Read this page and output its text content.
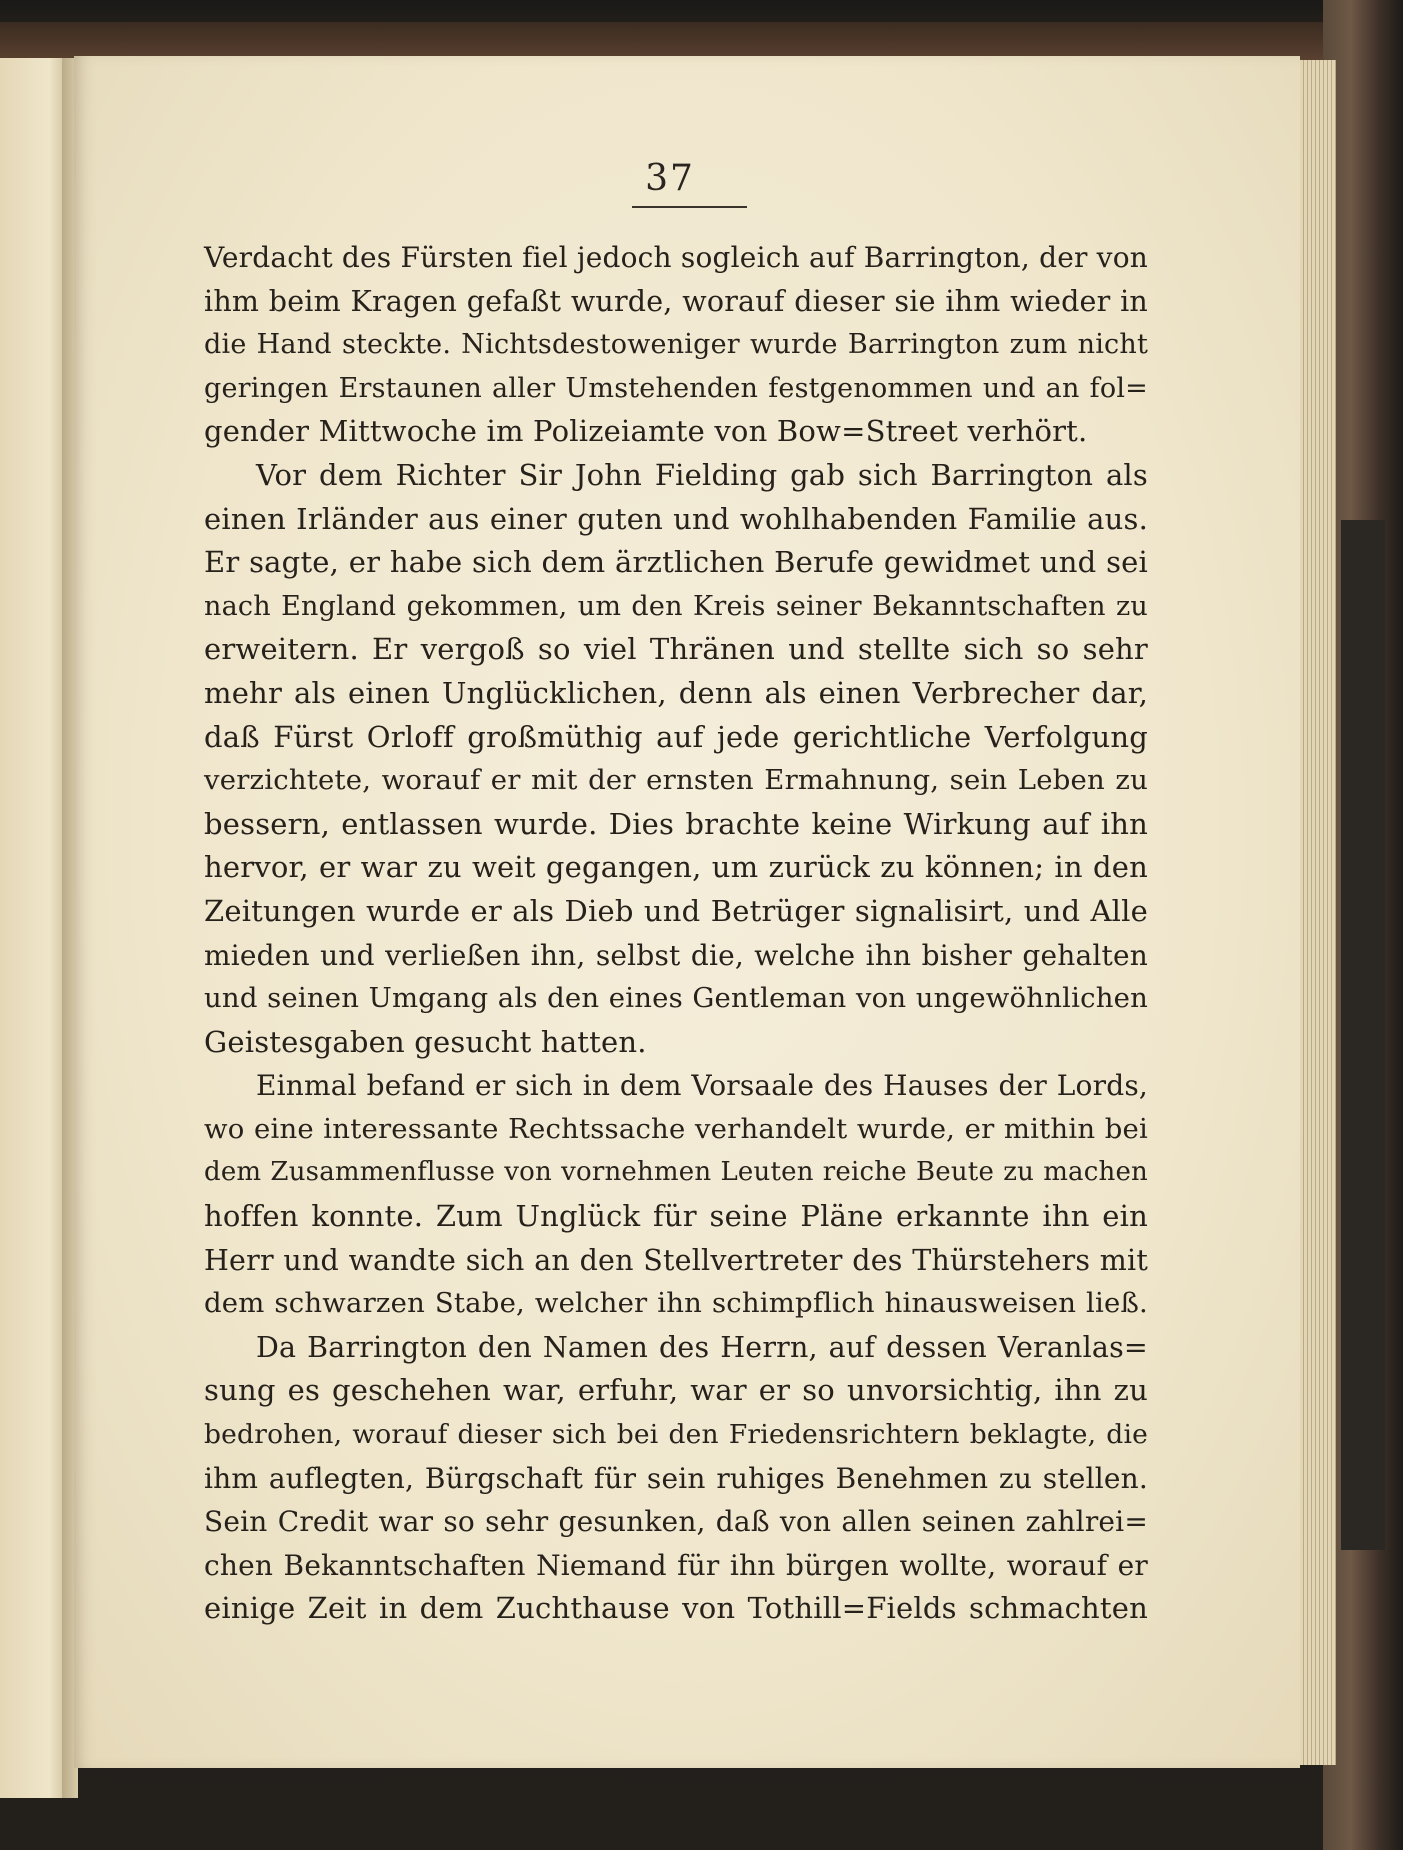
37
Verdacht des Fürsten fiel jedoch sogleich auf Barrington, der von
ihm beim Kragen gefaßt wurde, worauf dieser sie ihm wieder in
die Hand steckte. Nichtsdestoweniger wurde Barrington zum nicht
geringen Erstaunen aller Umstehenden festgenommen und an fol=
gender Mittwoche im Polizeiamte von Bow=Street verhört.
Vor dem Richter Sir John Fielding gab sich Barrington als
einen Irländer aus einer guten und wohlhabenden Familie aus.
Er sagte, er habe sich dem ärztlichen Berufe gewidmet und sei
nach England gekommen, um den Kreis seiner Bekanntschaften zu
erweitern. Er vergoß so viel Thränen und stellte sich so sehr
mehr als einen Unglücklichen, denn als einen Verbrecher dar,
daß Fürst Orloff großmüthig auf jede gerichtliche Verfolgung
verzichtete, worauf er mit der ernsten Ermahnung, sein Leben zu
bessern, entlassen wurde. Dies brachte keine Wirkung auf ihn
hervor, er war zu weit gegangen, um zurück zu können; in den
Zeitungen wurde er als Dieb und Betrüger signalisirt, und Alle
mieden und verließen ihn, selbst die, welche ihn bisher gehalten
und seinen Umgang als den eines Gentleman von ungewöhnlichen
Geistesgaben gesucht hatten.
Einmal befand er sich in dem Vorsaale des Hauses der Lords,
wo eine interessante Rechtssache verhandelt wurde, er mithin bei
dem Zusammenflusse von vornehmen Leuten reiche Beute zu machen
hoffen konnte. Zum Unglück für seine Pläne erkannte ihn ein
Herr und wandte sich an den Stellvertreter des Thürstehers mit
dem schwarzen Stabe, welcher ihn schimpflich hinausweisen ließ.
Da Barrington den Namen des Herrn, auf dessen Veranlas=
sung es geschehen war, erfuhr, war er so unvorsichtig, ihn zu
bedrohen, worauf dieser sich bei den Friedensrichtern beklagte, die
ihm auflegten, Bürgschaft für sein ruhiges Benehmen zu stellen.
Sein Credit war so sehr gesunken, daß von allen seinen zahlrei=
chen Bekanntschaften Niemand für ihn bürgen wollte, worauf er
einige Zeit in dem Zuchthause von Tothill=Fields schmachten
